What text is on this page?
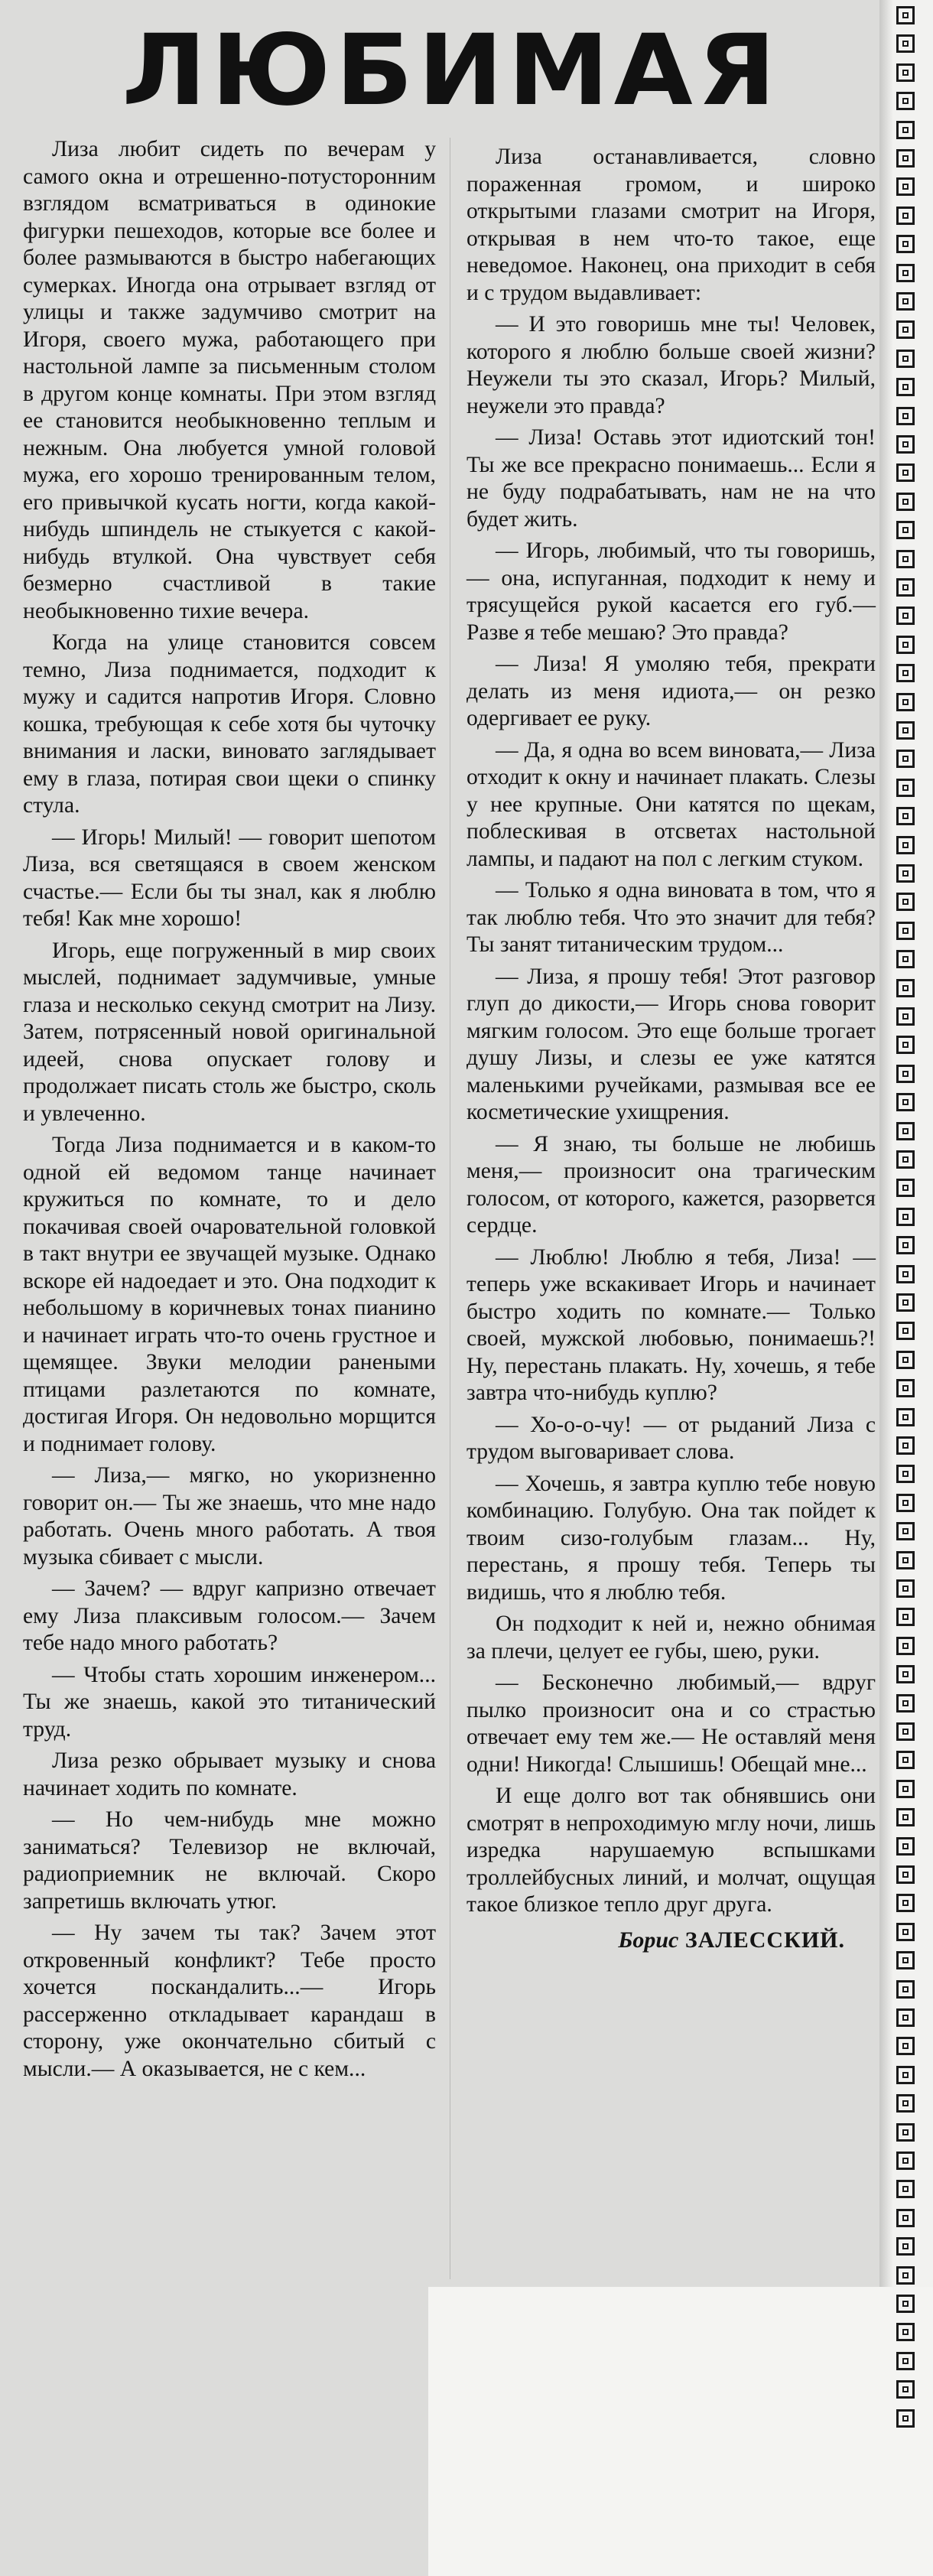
ЛЮБИМАЯ

Лиза любит сидеть по вечерам у самого окна и отрешенно-потусторонним взглядом всматриваться в одинокие фигурки пешеходов, которые все более и более размываются в быстро набегающих сумерках. Иногда она отрывает взгляд от улицы и также задумчиво смотрит на Игоря, своего мужа, работающего при настольной лампе за письменным столом в другом конце комнаты. При этом взгляд ее становится необыкновенно теплым и нежным. Она любуется умной головой мужа, его хорошо тренированным телом, его привычкой кусать ногти, когда какой-нибудь шпиндель не стыкуется с какой-нибудь втулкой. Она чувствует себя безмерно счастливой в такие необыкновенно тихие вечера.

Когда на улице становится совсем темно, Лиза поднимается, подходит к мужу и садится напротив Игоря. Словно кошка, требующая к себе хотя бы чуточку внимания и ласки, виновато заглядывает ему в глаза, потирая свои щеки о спинку стула.

— Игорь! Милый! — говорит шепотом Лиза, вся светящаяся в своем женском счастье.— Если бы ты знал, как я люблю тебя! Как мне хорошо!

Игорь, еще погруженный в мир своих мыслей, поднимает задумчивые, умные глаза и несколько секунд смотрит на Лизу. Затем, потрясенный новой оригинальной идеей, снова опускает голову и продолжает писать столь же быстро, сколь и увлеченно.

Тогда Лиза поднимается и в каком-то одной ей ведомом танце начинает кружиться по комнате, то и дело покачивая своей очаровательной головкой в такт внутри ее звучащей музыке. Однако вскоре ей надоедает и это. Она подходит к небольшому в коричневых тонах пианино и начинает играть что-то очень грустное и щемящее. Звуки мелодии ранеными птицами разлетаются по комнате, достигая Игоря. Он недовольно морщится и поднимает голову.

— Лиза,— мягко, но укоризненно говорит он.— Ты же знаешь, что мне надо работать. Очень много работать. А твоя музыка сбивает с мысли.

— Зачем? — вдруг капризно отвечает ему Лиза плаксивым голосом.— Зачем тебе надо много работать?

— Чтобы стать хорошим инженером... Ты же знаешь, какой это титанический труд.

Лиза резко обрывает музыку и снова начинает ходить по комнате.

— Но чем-нибудь мне можно заниматься? Телевизор не включай, радиоприемник не включай. Скоро запретишь включать утюг.

— Ну зачем ты так? Зачем этот откровенный конфликт? Тебе просто хочется поскандалить...— Игорь рассерженно откладывает карандаш в сторону, уже окончательно сбитый с мысли.— А оказывается, не с кем...

Лиза останавливается, словно пораженная громом, и широко открытыми глазами смотрит на Игоря, открывая в нем что-то такое, еще неведомое. Наконец, она приходит в себя и с трудом выдавливает:

— И это говоришь мне ты! Человек, которого я люблю больше своей жизни? Неужели ты это сказал, Игорь? Милый, неужели это правда?

— Лиза! Оставь этот идиотский тон! Ты же все прекрасно понимаешь... Если я не буду подрабатывать, нам не на что будет жить.

— Игорь, любимый, что ты говоришь,— она, испуганная, подходит к нему и трясущейся рукой касается его губ.— Разве я тебе мешаю? Это правда?

— Лиза! Я умоляю тебя, прекрати делать из меня идиота,— он резко одергивает ее руку.

— Да, я одна во всем виновата,— Лиза отходит к окну и начинает плакать. Слезы у нее крупные. Они катятся по щекам, поблескивая в отсветах настольной лампы, и падают на пол с легким стуком.

— Только я одна виновата в том, что я так люблю тебя. Что это значит для тебя? Ты занят титаническим трудом...

— Лиза, я прошу тебя! Этот разговор глуп до дикости,— Игорь снова говорит мягким голосом. Это еще больше трогает душу Лизы, и слезы ее уже катятся маленькими ручейками, размывая все ее косметические ухищрения.

— Я знаю, ты больше не любишь меня,— произносит она трагическим голосом, от которого, кажется, разорвется сердце.

— Люблю! Люблю я тебя, Лиза! — теперь уже вскакивает Игорь и начинает быстро ходить по комнате.— Только своей, мужской любовью, понимаешь?! Ну, перестань плакать. Ну, хочешь, я тебе завтра что-нибудь куплю?

— Хо-о-о-чу! — от рыданий Лиза с трудом выговаривает слова.

— Хочешь, я завтра куплю тебе новую комбинацию. Голубую. Она так пойдет к твоим сизо-голубым глазам... Ну, перестань, я прошу тебя. Теперь ты видишь, что я люблю тебя.

Он подходит к ней и, нежно обнимая за плечи, целует ее губы, шею, руки.

— Бесконечно любимый,— вдруг пылко произносит она и со страстью отвечает ему тем же.— Не оставляй меня одни! Никогда! Слышишь! Обещай мне...

И еще долго вот так обнявшись они смотрят в непроходимую мглу ночи, лишь изредка нарушаемую вспышками троллейбусных линий, и молчат, ощущая такое близкое тепло друг друга.

Борис ЗАЛЕССКИЙ.
